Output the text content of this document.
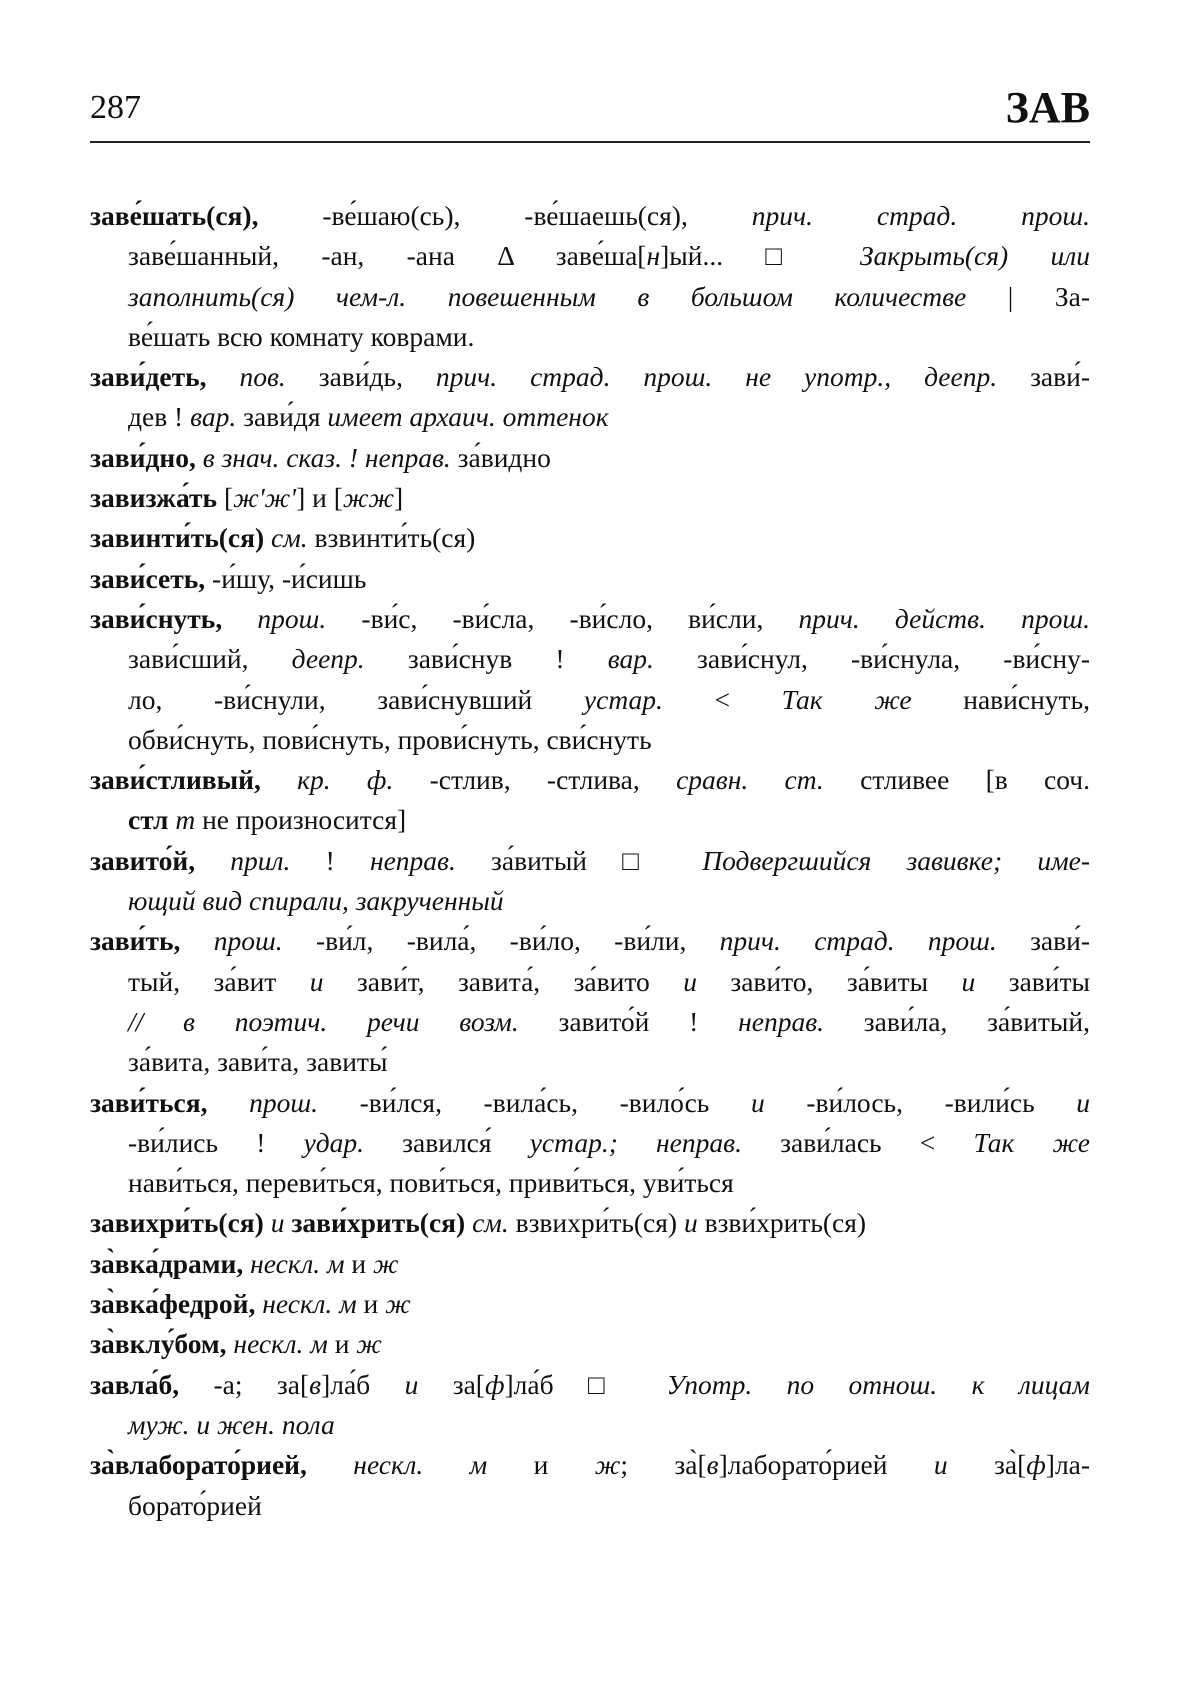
287	ЗАВ
заве́шать(ся), -ве́шаю(сь), -ве́шаешь(ся), прич. страд. прош.
заве́шанный, -ан, -ана Δ заве́ша[н]ый... □ Закрыть(ся) или
заполнить(ся) чем-л. повешенным в большом количестве | За-
ве́шать всю комнату коврами.
зави́деть, пов. зави́дь, прич. страд. прош. не употр., деепр. зави́-
дев ! вар. зави́дя имеет архаич. оттенок
зави́дно, в знач. сказ. ! неправ. за́видно
завизжа́ть [ж'ж'] и [жж]
завинти́ть(ся) см. взвинти́ть(ся)
зави́сеть, -и́шу, -и́сишь
зави́снуть, прош. -ви́с, -ви́сла, -ви́сло, ви́сли, прич. действ. прош.
зави́сший, деепр. зави́снув ! вар. зави́снул, -ви́снула, -ви́сну-
ло, -ви́снули, зави́снувший устар. < Так же нави́снуть,
обви́снуть, пови́снуть, прови́снуть, сви́снуть
зави́стливый, кр. ф. -стлив, -стлива, сравн. ст. стливее [в соч.
стл т не произносится]
завито́й, прил. ! неправ. за́витый □ Подвергшийся завивке; име-
ющий вид спирали, закрученный
зави́ть, прош. -ви́л, -вила́, -ви́ло, -ви́ли, прич. страд. прош. зави́-
тый, за́вит и зави́т, завита́, за́вито и зави́то, за́виты и зави́ты
// в поэтич. речи возм. завито́й ! неправ. зави́ла, за́витый,
за́вита, зави́та, завиты́
зави́ться, прош. -ви́лся, -вила́сь, -вило́сь и -ви́лось, -вили́сь и
-ви́лись ! удар. завился́ устар.; неправ. зави́лась < Так же
нави́ться, переви́ться, пови́ться, приви́ться, уви́ться
завихри́ть(ся) и зави́хрить(ся) см. взвихри́ть(ся) и взви́хрить(ся)
за̀вка́драми, нескл. м и ж
за̀вка́федрой, нескл. м и ж
за̀вклу́бом, нескл. м и ж
завла́б, -а; за[в]ла́б и за[ф]ла́б □ Употр. по отнош. к лицам
муж. и жен. пола
за̀влаборато́рией, нескл. м и ж; за̀[в]лаборато́рией и за̀[ф]ла-
борато́рией
